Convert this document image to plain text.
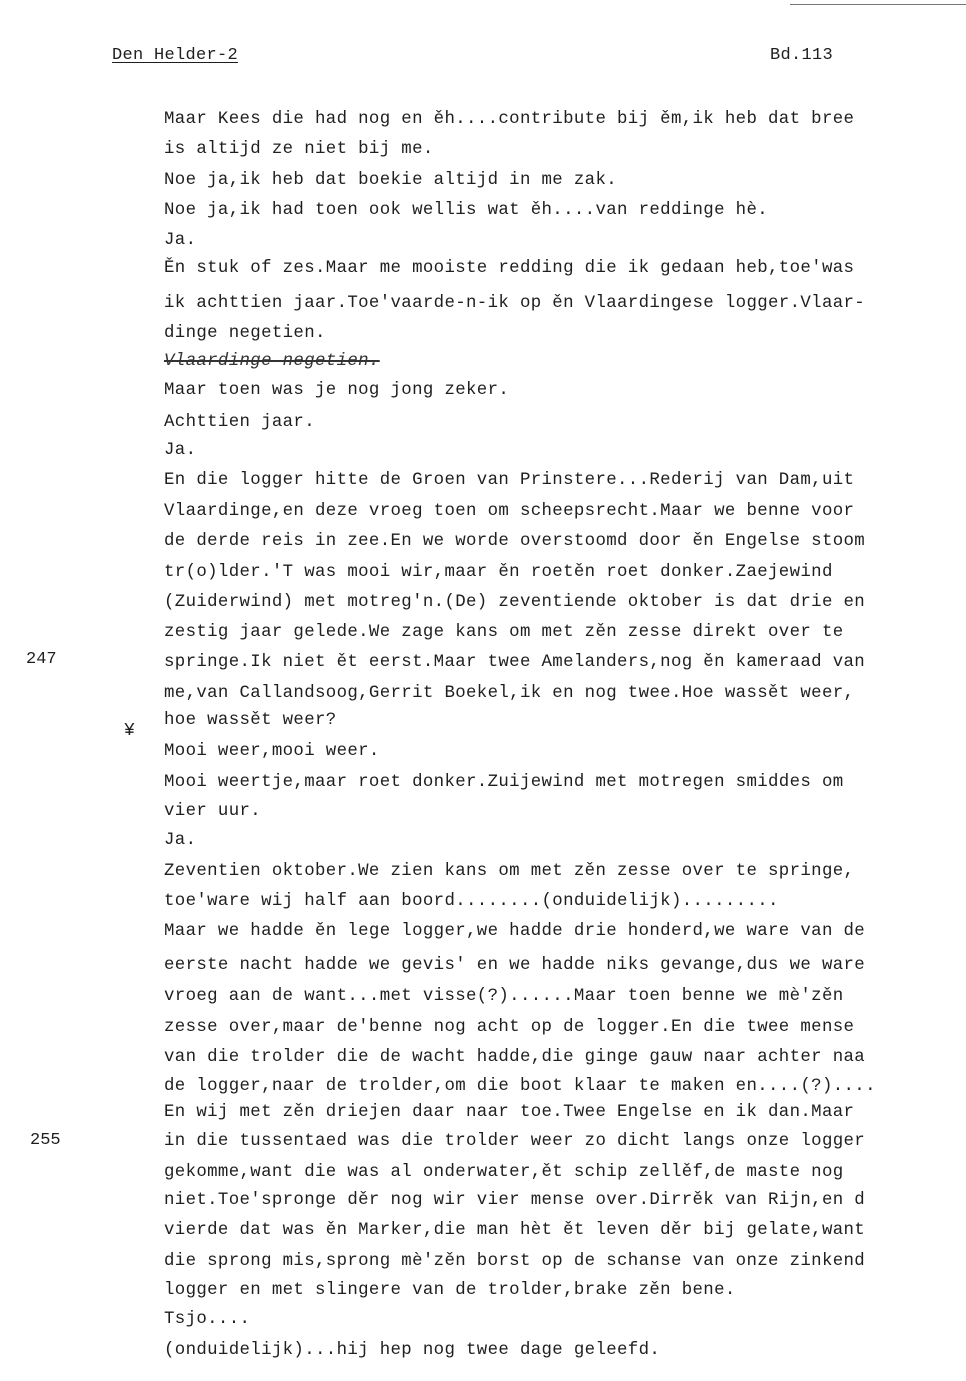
Den Helder-2	Bd.113
247
255
¥
Maar Kees die had nog en ěh....contribute bij ěm,ik heb dat bree
is altijd ze niet bij me.
Noe ja,ik heb dat boekie altijd in me zak.
Noe ja,ik had toen ook wellis wat ěh....van reddinge hè.
Ja.
Ěn stuk of zes.Maar me mooiste redding die ik gedaan heb,toe'was
ik achttien jaar.Toe'vaarde-n-ik op ěn Vlaardingese logger.Vlaar-
dinge negetien.
Vlaardinge negetien.
Maar toen was je nog jong zeker.
Achttien jaar.
Ja.
En die logger hitte de Groen van Prinstere...Rederij van Dam,uit
Vlaardinge,en deze vroeg toen om scheepsrecht.Maar we benne voor
de derde reis in zee.En we worde overstoomd door ěn Engelse stoom
tr(o)lder.'T was mooi wir,maar ěn roetěn roet donker.Zaejewind
(Zuiderwind) met motreg'n.(De) zeventiende oktober is dat drie en
zestig jaar gelede.We zage kans om met zěn zesse direkt over te
springe.Ik niet ět eerst.Maar twee Amelanders,nog ěn kameraad van
me,van Callandsoog,Gerrit Boekel,ik en nog twee.Hoe wassět weer,
hoe wassět weer?
Mooi weer,mooi weer.
Mooi weertje,maar roet donker.Zuijewind met motregen smiddes om
vier uur.
Ja.
Zeventien oktober.We zien kans om met zěn zesse over te springe,
toe'ware wij half aan boord........(onduidelijk).........
Maar we hadde ěn lege logger,we hadde drie honderd,we ware van de
eerste nacht hadde we gevis' en we hadde niks gevange,dus we ware
vroeg aan de want...met visse(?)......Maar toen benne we mè'zěn
zesse over,maar de'benne nog acht op de logger.En die twee mense
van die trolder die de wacht hadde,die ginge gauw naar achter naa
de logger,naar de trolder,om die boot klaar te maken en....(?)....
En wij met zěn driejen daar naar toe.Twee Engelse en ik dan.Maar
in die tussentaed was die trolder weer zo dicht langs onze logger
gekomme,want die was al onderwater,ět schip zellěf,de maste nog
niet.Toe'spronge děr nog wir vier mense over.Dirrěk van Rijn,en d
vierde dat was ěn Marker,die man hèt ět leven děr bij gelate,want
die sprong mis,sprong mè'zěn borst op de schanse van onze zinkend
logger en met slingere van de trolder,brake zěn bene.
Tsjo....
(onduidelijk)...hij hep nog twee dage geleefd.
